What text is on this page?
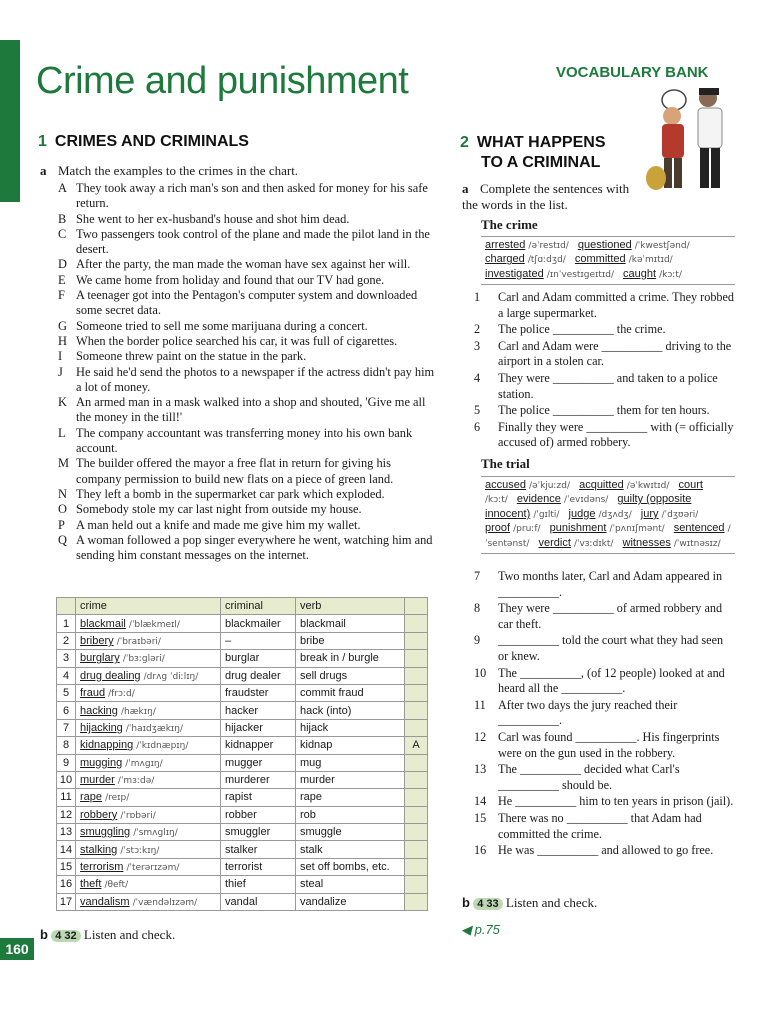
Crime and punishment	VOCABULARY BANK
1 CRIMES AND CRIMINALS
a Match the examples to the crimes in the chart.
A They took away a rich man's son and then asked for money for his safe return.
B She went to her ex-husband's house and shot him dead.
C Two passengers took control of the plane and made the pilot land in the desert.
D After the party, the man made the woman have sex against her will.
E We came home from holiday and found that our TV had gone.
F A teenager got into the Pentagon's computer system and downloaded some secret data.
G Someone tried to sell me some marijuana during a concert.
H When the border police searched his car, it was full of cigarettes.
I	Someone threw paint on the statue in the park.
J	He said he'd send the photos to a newspaper if the actress didn't pay him a lot of money.
K An armed man in a mask walked into a shop and shouted, 'Give me all the money in the till!'
L The company accountant was transferring money into his own bank account.
M The builder offered the mayor a free flat in return for giving his company permission to build new flats on a piece of green land.
N They left a bomb in the supermarket car park which exploded.
O Somebody stole my car last night from outside my house.
P A man held out a knife and made me give him my wallet.
Q A woman followed a pop singer everywhere he went, watching him and sending him constant messages on the internet.
	crime	criminal	verb	
1	blackmail /ˈblækmeɪl/	blackmailer	blackmail	
2	bribery /ˈbraɪbəri/	–	bribe	
3	burglary /ˈbɜːgləri/	burglar	break in / burgle	
4	drug dealing /drʌg ˈdiːlɪŋ/	drug dealer	sell drugs	
5	fraud /frɔːd/	fraudster	commit fraud	
6	hacking /hækɪŋ/	hacker	hack (into)	
7	hijacking /ˈhaɪdʒækɪŋ/	hijacker	hijack	
8	kidnapping /ˈkɪdnæpɪŋ/	kidnapper	kidnap	A
9	mugging /ˈmʌgɪŋ/	mugger	mug	
10	murder /ˈmɜːdə/	murderer	murder	
11	rape /reɪp/	rapist	rape	
12	robbery /ˈrɒbəri/	robber	rob	
13	smuggling /ˈsmʌglɪŋ/	smuggler	smuggle	
14	stalking /ˈstɔːkɪŋ/	stalker	stalk	
15	terrorism /ˈterərɪzəm/	terrorist	set off bombs, etc.	
16	theft /θeft/	thief	steal	
17	vandalism /ˈvændəlɪzəm/	vandal	vandalize	
b 4 32 Listen and check.
160
2 WHAT HAPPENS
TO A CRIMINAL
a Complete the sentences with the words in the list.
The crime
arrested /əˈrestɪd/ questioned /ˈkwestʃənd/ charged /tʃɑːdʒd/ committed /kəˈmɪtɪd/ investigated /ɪnˈvestɪgeɪtɪd/ caught /kɔːt/
1	Carl and Adam committed a crime. They robbed a large supermarket.
2	The police __________ the crime.
3	Carl and Adam were __________ driving to the airport in a stolen car.
4	They were __________ and taken to a police station.
5	The police __________ them for ten hours.
6	Finally they were __________ with (= officially accused of) armed robbery.
The trial
accused /əˈkjuːzd/ acquitted /əˈkwɪtɪd/ court /kɔːt/ evidence /ˈevɪdəns/ guilty (opposite innocent) /ˈgɪlti/ judge /dʒʌdʒ/ jury /ˈdʒʊəri/ proof /pruːf/ punishment /ˈpʌnɪʃmənt/ sentenced /ˈsentənst/ verdict /ˈvɜːdɪkt/ witnesses /ˈwɪtnəsɪz/
7	Two months later, Carl and Adam appeared in __________.
8	They were __________ of armed robbery and car theft.
9	__________ told the court what they had seen or knew.
10 The __________, (of 12 people) looked at and heard all the __________.
11	After two days the jury reached their __________.
12 Carl was found __________. His fingerprints were on the gun used in the robbery.
13 The __________ decided what Carl's __________ should be.
14 He __________ him to ten years in prison (jail).
15 There was no __________ that Adam had committed the crime.
16 He was __________ and allowed to go free.
b 4 33 Listen and check.
◀ p.75
